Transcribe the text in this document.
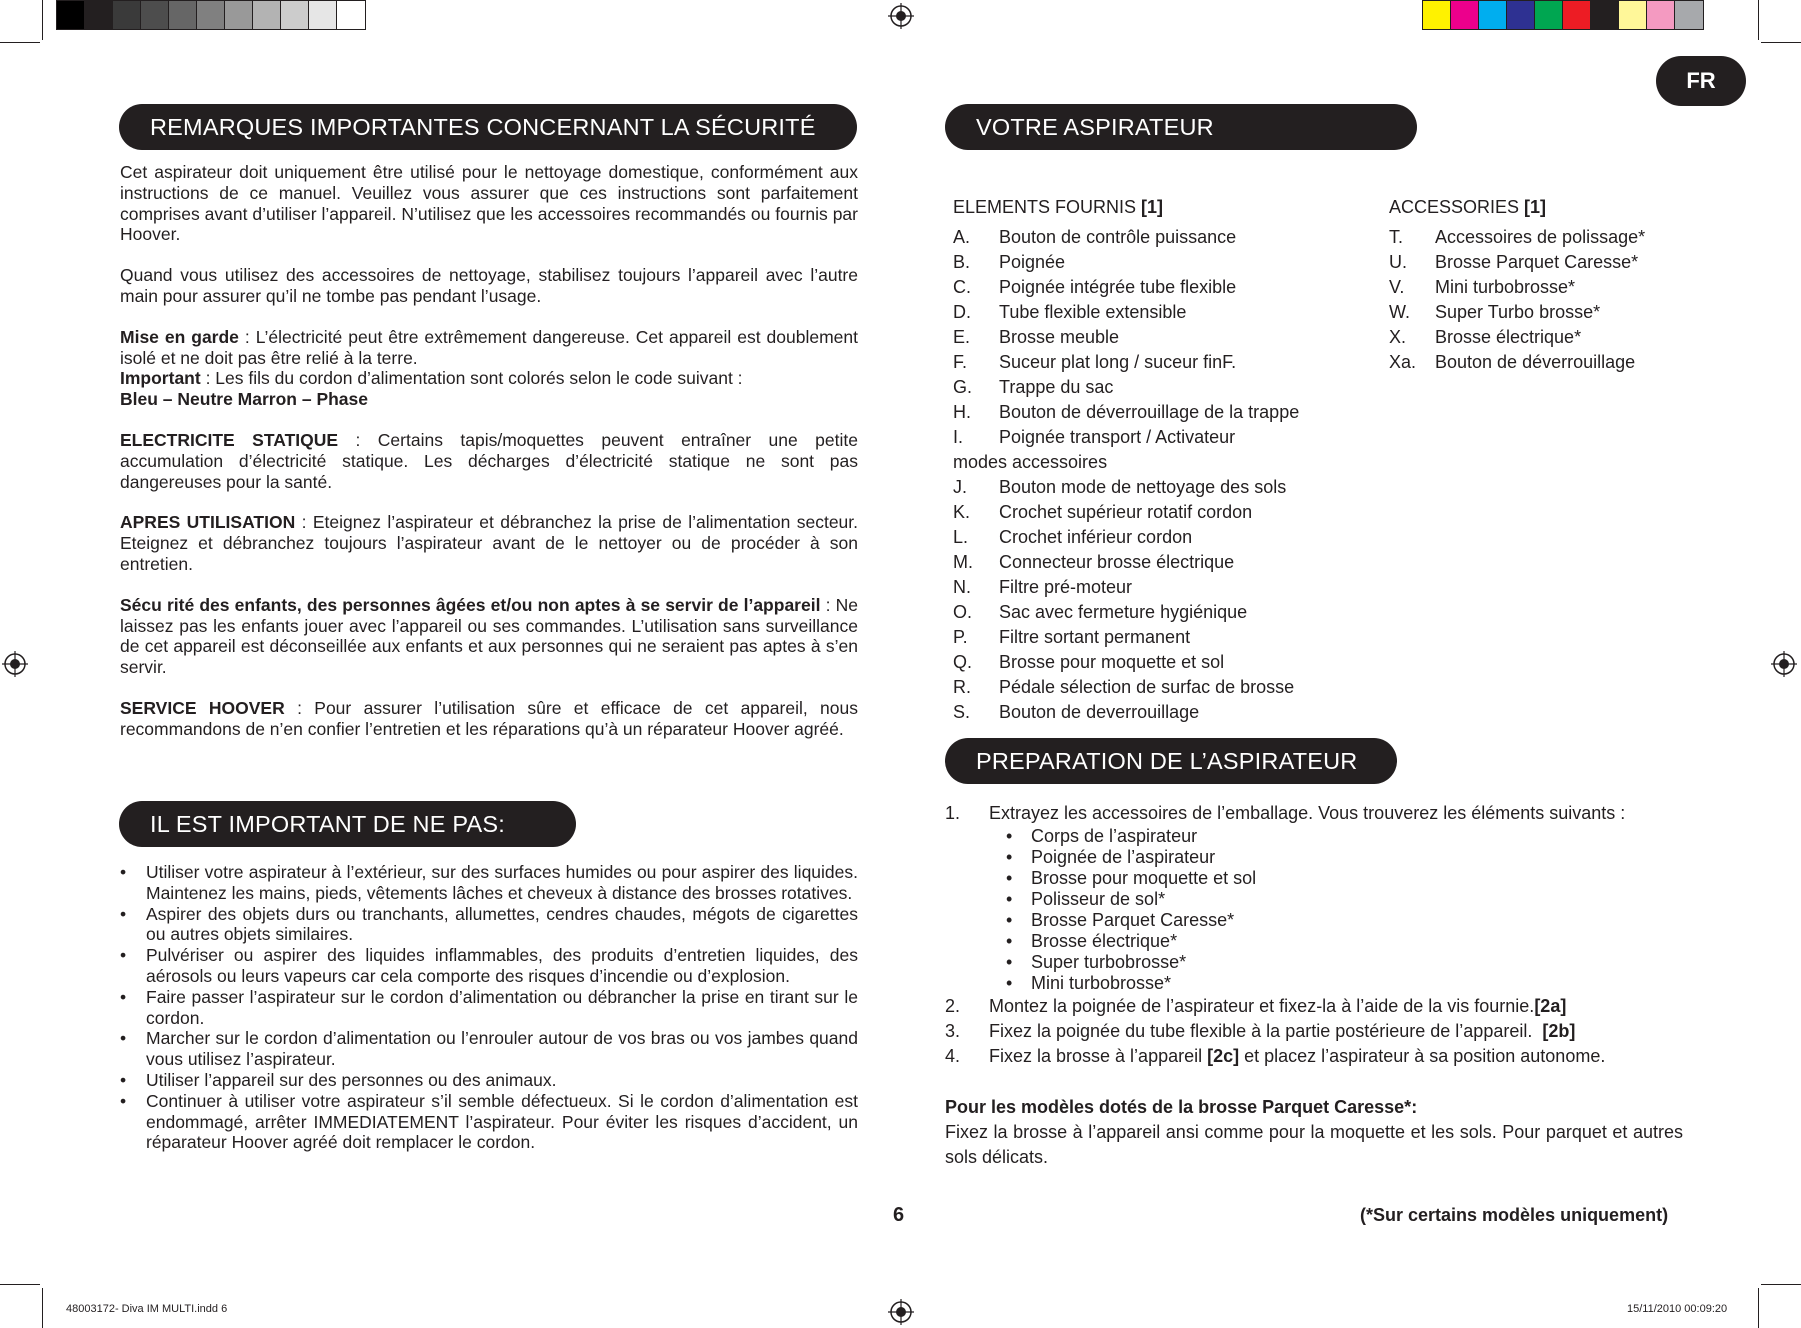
FR
REMARQUES IMPORTANTES CONCERNANT LA SÉCURITÉ

Cet aspirateur doit uniquement être utilisé pour le nettoyage domestique, conformément aux instructions de ce manuel. Veuillez vous assurer que ces instructions sont parfaitement comprises avant d’utiliser l’appareil. N’utilisez que les accessoires recommandés ou fournis par Hoover.

Quand vous utilisez des accessoires de nettoyage, stabilisez toujours l’appareil avec l’autre main pour assurer qu’il ne tombe pas pendant l’usage.

Mise en garde : L’électricité peut être extrêmement dangereuse. Cet appareil est doublement isolé et ne doit pas être relié à la terre.

Important : Les fils du cordon d’alimentation sont colorés selon le code suivant :

Bleu – Neutre Marron – Phase

ELECTRICITE STATIQUE : Certains tapis/moquettes peuvent entraîner une petite accumulation d’électricité statique. Les décharges d’électricité statique ne sont pas dangereuses pour la santé.

APRES UTILISATION : Eteignez l’aspirateur et débranchez la prise de l’alimentation secteur. Eteignez et débranchez toujours l’aspirateur avant de le nettoyer ou de procéder à son entretien.

Sécu rité des enfants, des personnes âgées et/ou non aptes à se servir de l’appareil : Ne laissez pas les enfants jouer avec l’appareil ou ses commandes. L’utilisation sans surveillance de cet appareil est déconseillée aux enfants et aux personnes qui ne seraient pas aptes à s’en servir.

SERVICE HOOVER : Pour assurer l’utilisation sûre et efficace de cet appareil, nous recommandons de n’en confier l’entretien et les réparations qu’à un réparateur Hoover agréé.

IL EST IMPORTANT DE NE PAS:
• Utiliser votre aspirateur à l’extérieur, sur des surfaces humides ou pour aspirer des liquides. Maintenez les mains, pieds, vêtements lâches et cheveux à distance des brosses rotatives.
• Aspirer des objets durs ou tranchants, allumettes, cendres chaudes, mégots de cigarettes ou autres objets similaires.
• Pulvériser ou aspirer des liquides inflammables, des produits d’entretien liquides, des aérosols ou leurs vapeurs car cela comporte des risques d’incendie ou d’explosion.
• Faire passer l’aspirateur sur le cordon d’alimentation ou débrancher la prise en tirant sur le cordon.
• Marcher sur le cordon d’alimentation ou l’enrouler autour de vos bras ou vos jambes quand vous utilisez l’aspirateur.
• Utiliser l’appareil sur des personnes ou des animaux.
• Continuer à utiliser votre aspirateur s’il semble défectueux. Si le cordon d’alimentation est endommagé, arrêter IMMEDIATEMENT l’aspirateur. Pour éviter les risques d’accident, un réparateur Hoover agréé doit remplacer le cordon.
VOTRE ASPIRATEUR
ELEMENTS FOURNIS [1]
A. Bouton de contrôle puissance
B. Poignée
C. Poignée intégrée tube flexible
D. Tube flexible extensible
E. Brosse meuble
F. Suceur plat long / suceur finF.
G. Trappe du sac
H. Bouton de déverrouillage de la trappe
I. Poignée transport / Activateur
modes accessoires
J. Bouton mode de nettoyage des sols
K. Crochet supérieur rotatif cordon
L. Crochet inférieur cordon
M. Connecteur brosse électrique
N. Filtre pré-moteur
O. Sac avec fermeture hygiénique
P. Filtre sortant permanent
Q. Brosse pour moquette et sol
R. Pédale sélection de surfac de brosse
S. Bouton de deverrouillage
ACCESSORIES [1]
T. Accessoires de polissage*
U. Brosse Parquet Caresse*
V. Mini turbobrosse*
W. Super Turbo brosse*
X. Brosse électrique*
Xa. Bouton de déverrouillage
PREPARATION DE L’ASPIRATEUR
1. Extrayez les accessoires de l’emballage. Vous trouverez les éléments suivants :
• Corps de l’aspirateur
• Poignée de l’aspirateur
• Brosse pour moquette et sol
• Polisseur de sol*
• Brosse Parquet Caresse*
• Brosse électrique*
• Super turbobrosse*
• Mini turbobrosse*
2. Montez la poignée de l’aspirateur et fixez-la à l’aide de la vis fournie.[2a]
3. Fixez la poignée du tube flexible à la partie postérieure de l’appareil.  [2b]
4. Fixez la brosse à l’appareil [2c] et placez l’aspirateur à sa position autonome.
Pour les modèles dotés de la brosse Parquet Caresse*:
Fixez la brosse à l’appareil ansi comme pour la moquette et les sols. Pour parquet et autres sols délicats.
6	(*Sur certains modèles uniquement)
48003172- Diva IM MULTI.indd 6	15/11/2010 00:09:20
